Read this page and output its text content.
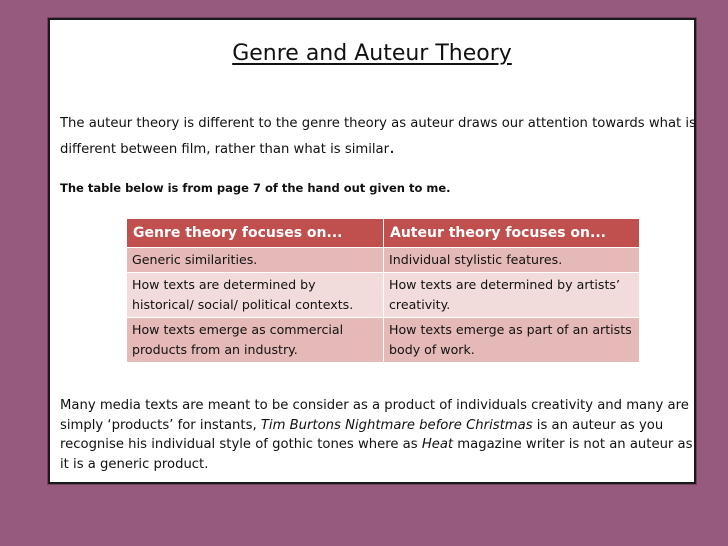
Genre and Auteur Theory
The auteur theory is different to the genre theory as auteur draws our attention towards what is different between film, rather than what is similar.
The table below is from page 7 of the hand out given to me.
Genre theory focuses on...	Auteur theory focuses on...
Generic similarities.	Individual stylistic features.
How texts are determined by historical/ social/ political contexts.	How texts are determined by artists’ creativity.
How texts emerge as commercial products from an industry.	How texts emerge as part of an artists body of work.
Many media texts are meant to be consider as a product of individuals creativity and many are simply ‘products’ for instants, Tim Burtons Nightmare before Christmas is an auteur as you recognise his individual style of gothic tones where as Heat magazine writer is not an auteur as it is a generic product.
